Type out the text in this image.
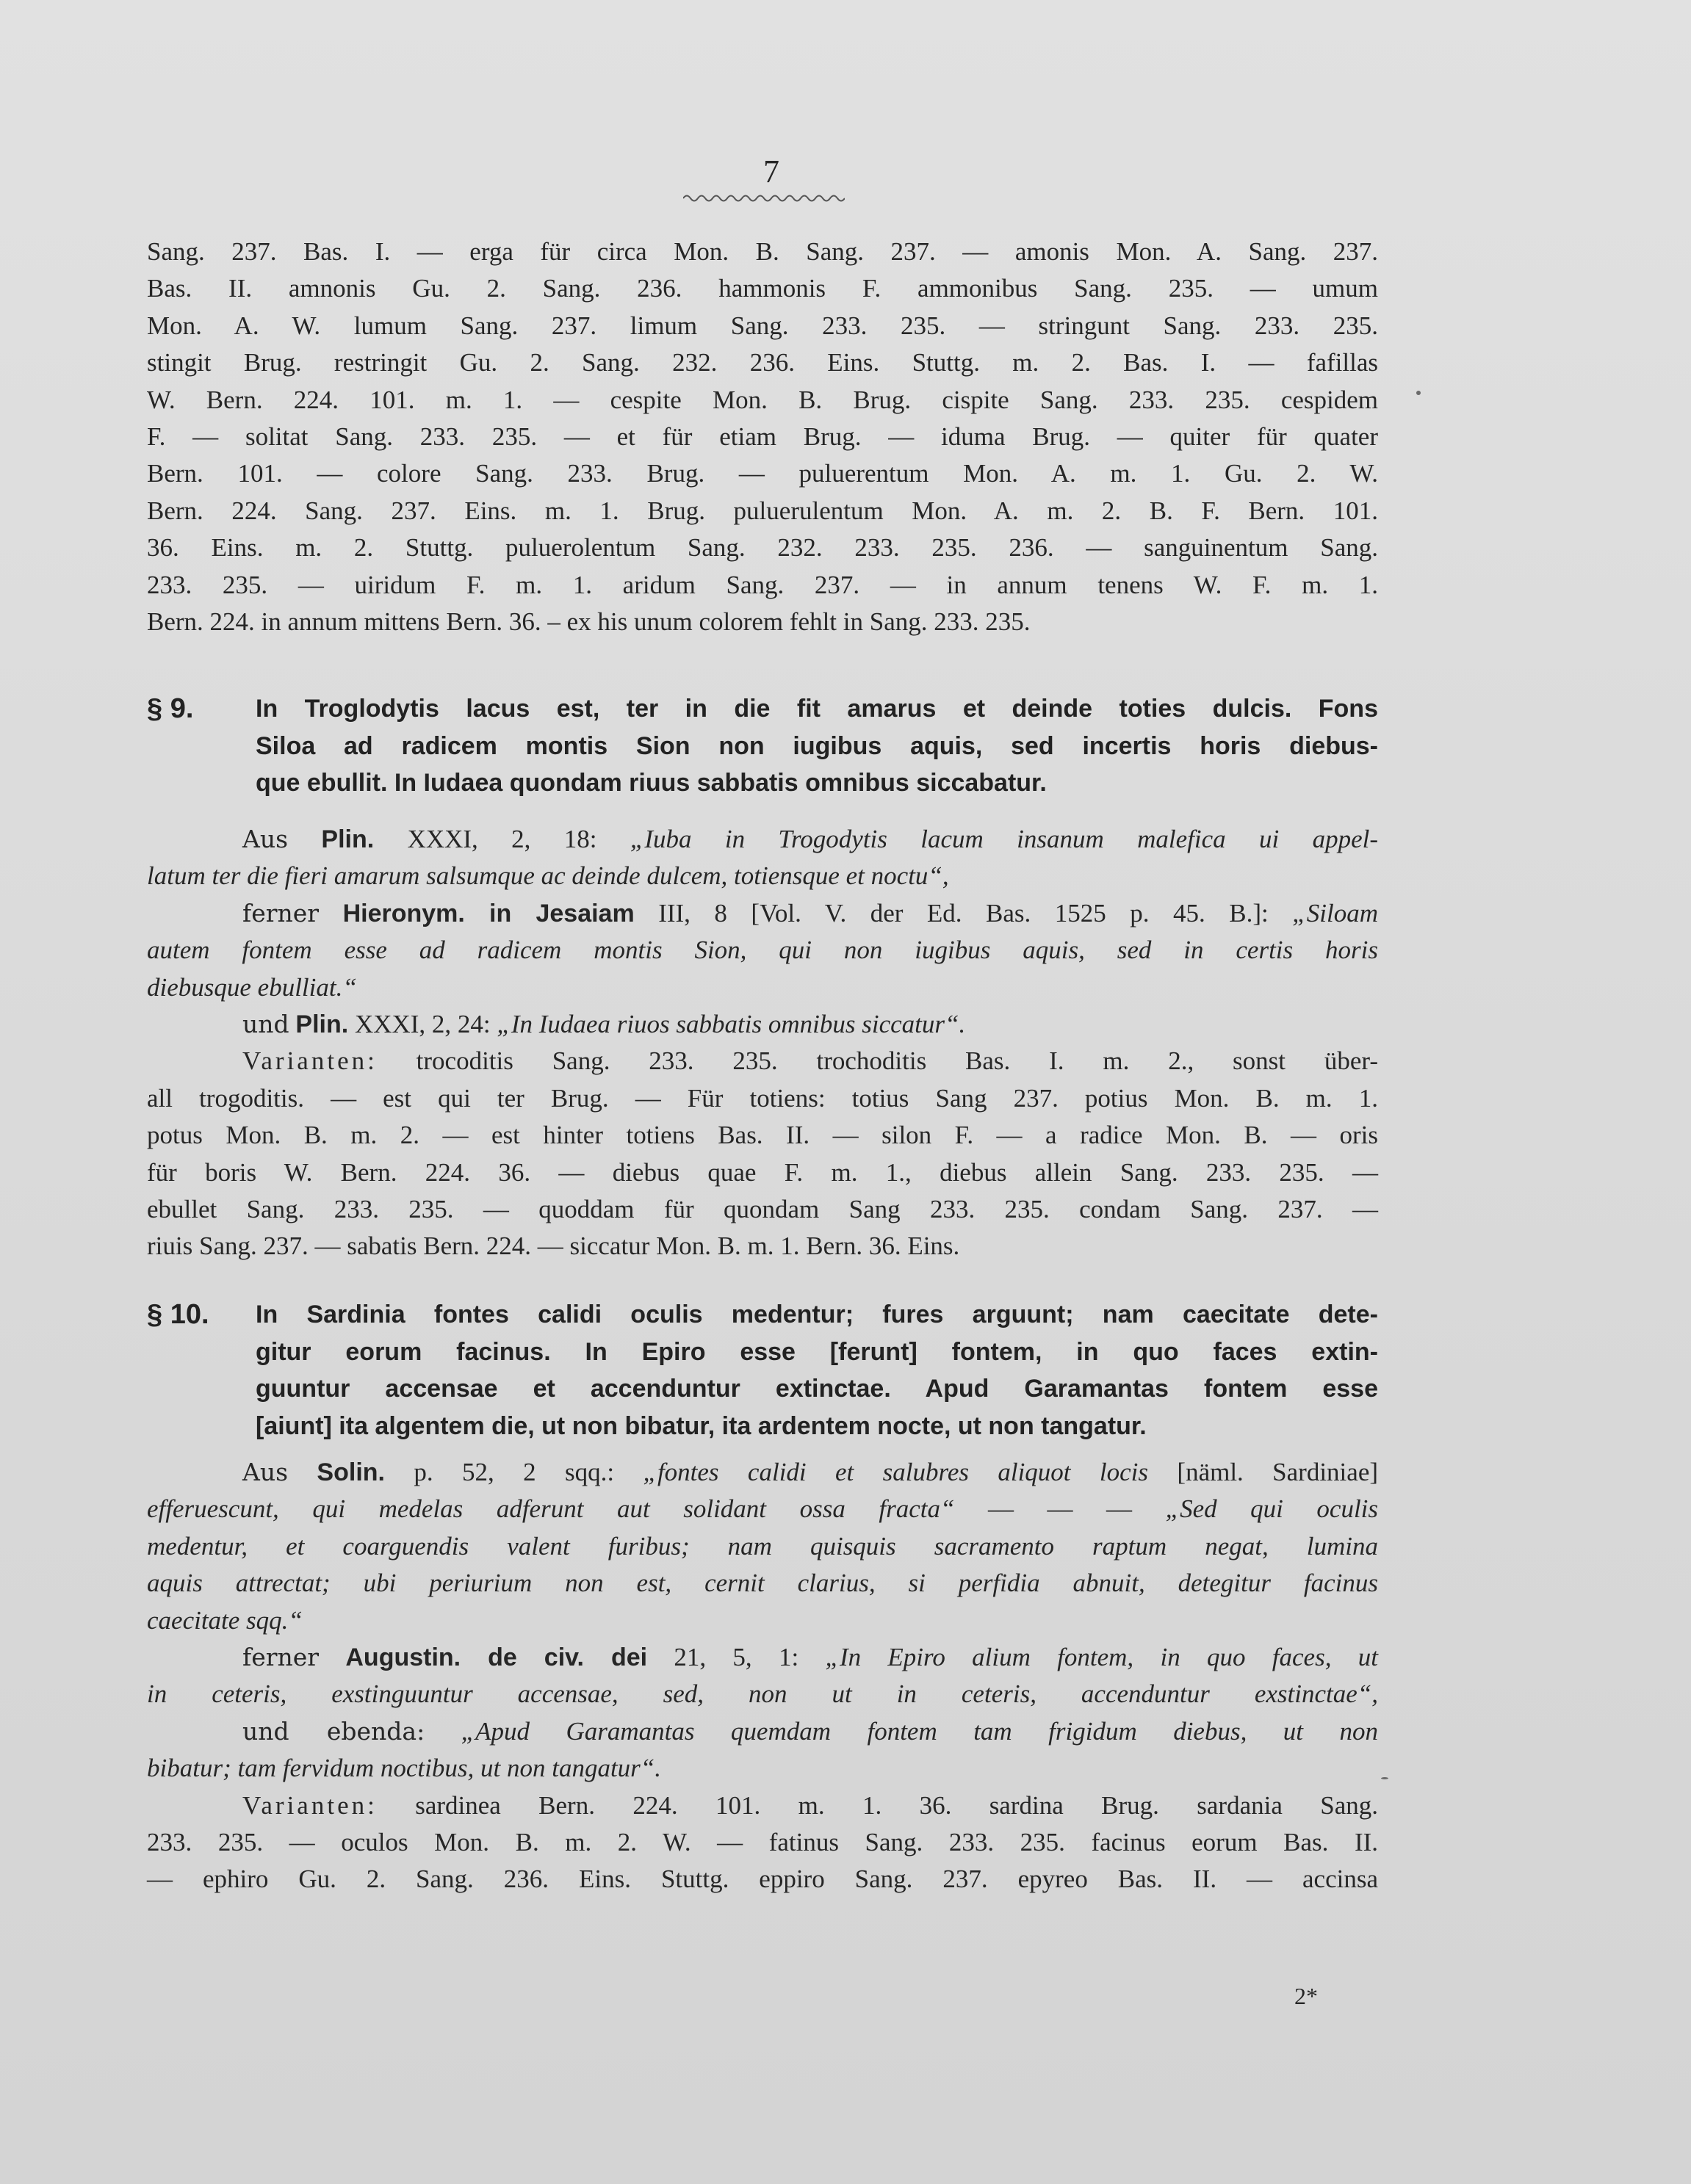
7
Sang. 237. Bas. I. — erga für circa Mon. B. Sang. 237. — amonis Mon. A. Sang. 237.
Bas. II. amnonis Gu. 2. Sang. 236. hammonis F. ammonibus Sang. 235. — umum
Mon. A. W. lumum Sang. 237. limum Sang. 233. 235. — stringunt Sang. 233. 235.
stingit Brug. restringit Gu. 2. Sang. 232. 236. Eins. Stuttg. m. 2. Bas. I. — fafillas
W. Bern. 224. 101. m. 1. — cespite Mon. B. Brug. cispite Sang. 233. 235. cespidem
F. — solitat Sang. 233. 235. — et für etiam Brug. — iduma Brug. — quiter für quater
Bern. 101. — colore Sang. 233. Brug. — puluerentum Mon. A. m. 1. Gu. 2. W.
Bern. 224. Sang. 237. Eins. m. 1. Brug. puluerulentum Mon. A. m. 2. B. F. Bern. 101.
36. Eins. m. 2. Stuttg. puluerolentum Sang. 232. 233. 235. 236. — sanguinentum Sang.
233. 235. — uiridum F. m. 1. aridum Sang. 237. — in annum tenens W. F. m. 1.
Bern. 224. in annum mittens Bern. 36. – ex his unum colorem fehlt in Sang. 233. 235.
§ 9.	In Troglodytis lacus est, ter in die fit amarus et deinde toties dulcis. Fons
Siloa ad radicem montis Sion non iugibus aquis, sed incertis horis diebus-
que ebullit. In Iudaea quondam riuus sabbatis omnibus siccabatur.
Aus Plin. XXXI, 2, 18: „Iuba in Trogodytis lacum insanum malefica ui appel-
latum ter die fieri amarum salsumque ac deinde dulcem, totiensque et noctu“,
ferner Hieronym. in Jesaiam III, 8 [Vol. V. der Ed. Bas. 1525 p. 45. B.]: „Siloam
autem fontem esse ad radicem montis Sion, qui non iugibus aquis, sed in certis horis
diebusque ebulliat.“
und Plin. XXXI, 2, 24: „In Iudaea riuos sabbatis omnibus siccatur“.
Varianten: trocoditis Sang. 233. 235. trochoditis Bas. I. m. 2., sonst über-
all trogoditis. — est qui ter Brug. — Für totiens: totius Sang 237. potius Mon. B. m. 1.
potus Mon. B. m. 2. — est hinter totiens Bas. II. — silon F. — a radice Mon. B. — oris
für boris W. Bern. 224. 36. — diebus quae F. m. 1., diebus allein Sang. 233. 235. —
ebullet Sang. 233. 235. — quoddam für quondam Sang 233. 235. condam Sang. 237. —
riuis Sang. 237. — sabatis Bern. 224. — siccatur Mon. B. m. 1. Bern. 36. Eins.
§ 10.	In Sardinia fontes calidi oculis medentur; fures arguunt; nam caecitate dete-
gitur eorum facinus. In Epiro esse [ferunt] fontem, in quo faces extin-
guuntur accensae et accenduntur extinctae. Apud Garamantas fontem esse
[aiunt] ita algentem die, ut non bibatur, ita ardentem nocte, ut non tangatur.
Aus Solin. p. 52, 2 sqq.: „fontes calidi et salubres aliquot locis [näml. Sardiniae]
efferuescunt, qui medelas adferunt aut solidant ossa fracta“ — — — „Sed qui oculis
medentur, et coarguendis valent furibus; nam quisquis sacramento raptum negat, lumina
aquis attrectat; ubi periurium non est, cernit clarius, si perfidia abnuit, detegitur facinus
caecitate sqq.“
ferner Augustin. de civ. dei 21, 5, 1: „In Epiro alium fontem, in quo faces, ut
in ceteris, exstinguuntur accensae, sed, non ut in ceteris, accenduntur exstinctae“,
und ebenda: „Apud Garamantas quemdam fontem tam frigidum diebus, ut non
bibatur; tam fervidum noctibus, ut non tangatur“.
Varianten: sardinea Bern. 224. 101. m. 1. 36. sardina Brug. sardania Sang.
233. 235. — oculos Mon. B. m. 2. W. — fatinus Sang. 233. 235. facinus eorum Bas. II.
— ephiro Gu. 2. Sang. 236. Eins. Stuttg. eppiro Sang. 237. epyreo Bas. II. — accinsa
2*
